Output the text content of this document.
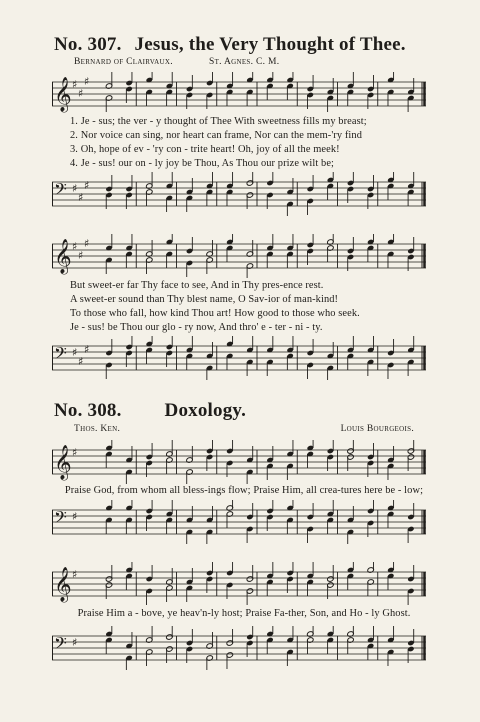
No. 307. Jesus, the Very Thought of Thee.
Bernard of Clairvaux.	St. Agnes. C. M.
𝄞 ♯
♯
♯
1. Je - sus; the ver - y thought of Thee With sweetness fills my breast;
2. Nor voice can sing, nor heart can frame, Nor can the mem-'ry find
3. Oh, hope of ev - 'ry con - trite heart! Oh, joy of all the meek!
4. Je - sus! our on - ly joy be Thou, As Thou our prize wilt be;
𝄢 ♯
♯
♯
𝄞 ♯
♯
♯
But sweet-er far Thy face to see, And in Thy pres-ence rest.
A sweet-er sound than Thy blest name, O Sav-ior of man-kind!
To those who fall, how kind Thou art! How good to those who seek.
Je - sus! be Thou our glo - ry now, And thro' e - ter - ni - ty.
𝄢 ♯
♯
♯
No. 308. Doxology.
Thos. Ken.	Louis Bourgeois.
𝄞 ♯
Praise God, from whom all bless-ings flow; Praise Him, all crea-tures here be - low;
𝄢 ♯
𝄞 ♯
Praise Him a - bove, ye heav'n-ly host; Praise Fa-ther, Son, and Ho - ly Ghost.
𝄢 ♯
